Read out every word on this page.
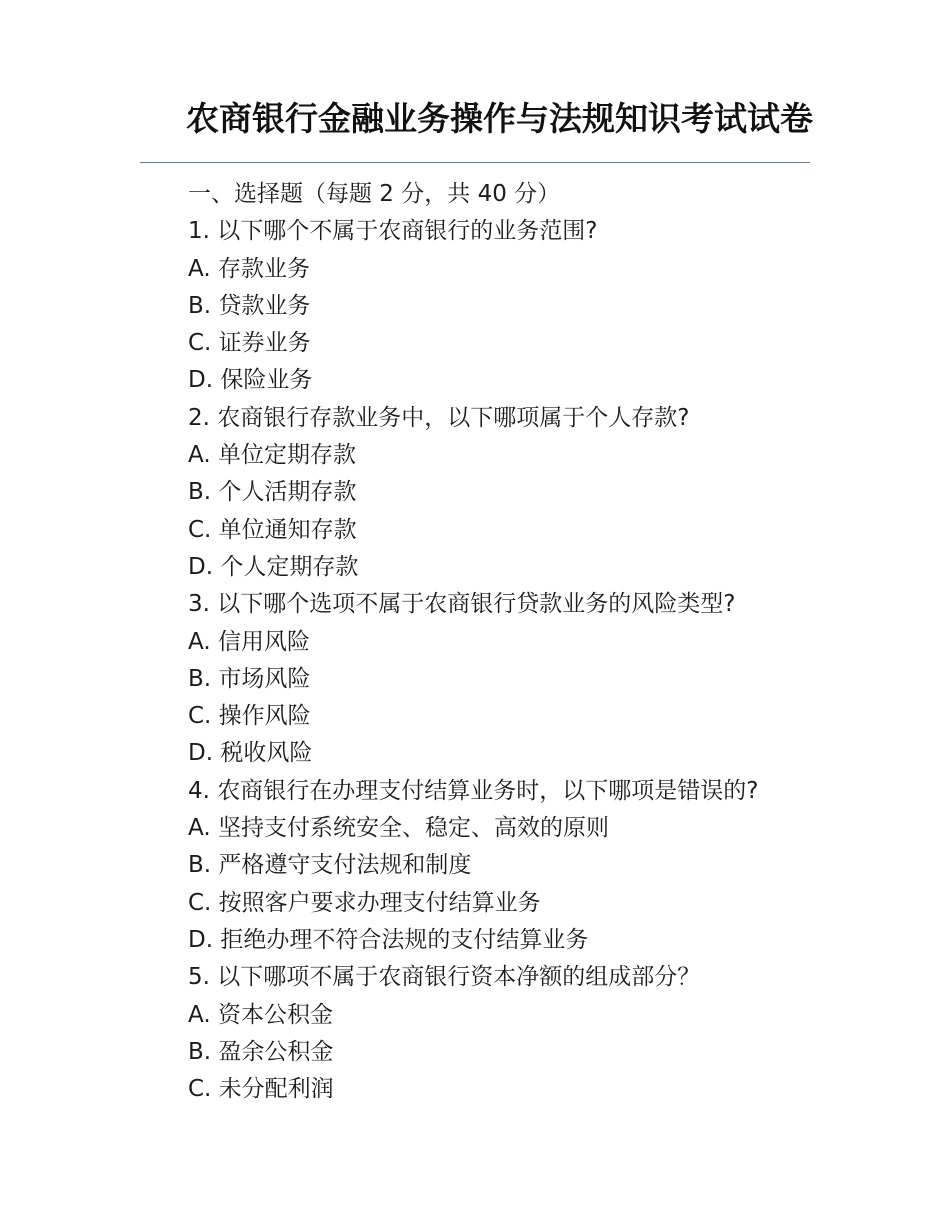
农商银行金融业务操作与法规知识考试试卷
一、选择题（每题 2 分，共 40 分）
1. 以下哪个不属于农商银行的业务范围?
A. 存款业务
B. 贷款业务
C. 证券业务
D. 保险业务
2. 农商银行存款业务中，以下哪项属于个人存款?
A. 单位定期存款
B. 个人活期存款
C. 单位通知存款
D. 个人定期存款
3. 以下哪个选项不属于农商银行贷款业务的风险类型?
A. 信用风险
B. 市场风险
C. 操作风险
D. 税收风险
4. 农商银行在办理支付结算业务时，以下哪项是错误的?
A. 坚持支付系统安全、稳定、高效的原则
B. 严格遵守支付法规和制度
C. 按照客户要求办理支付结算业务
D. 拒绝办理不符合法规的支付结算业务
5. 以下哪项不属于农商银行资本净额的组成部分？
A. 资本公积金
B. 盈余公积金
C. 未分配利润
